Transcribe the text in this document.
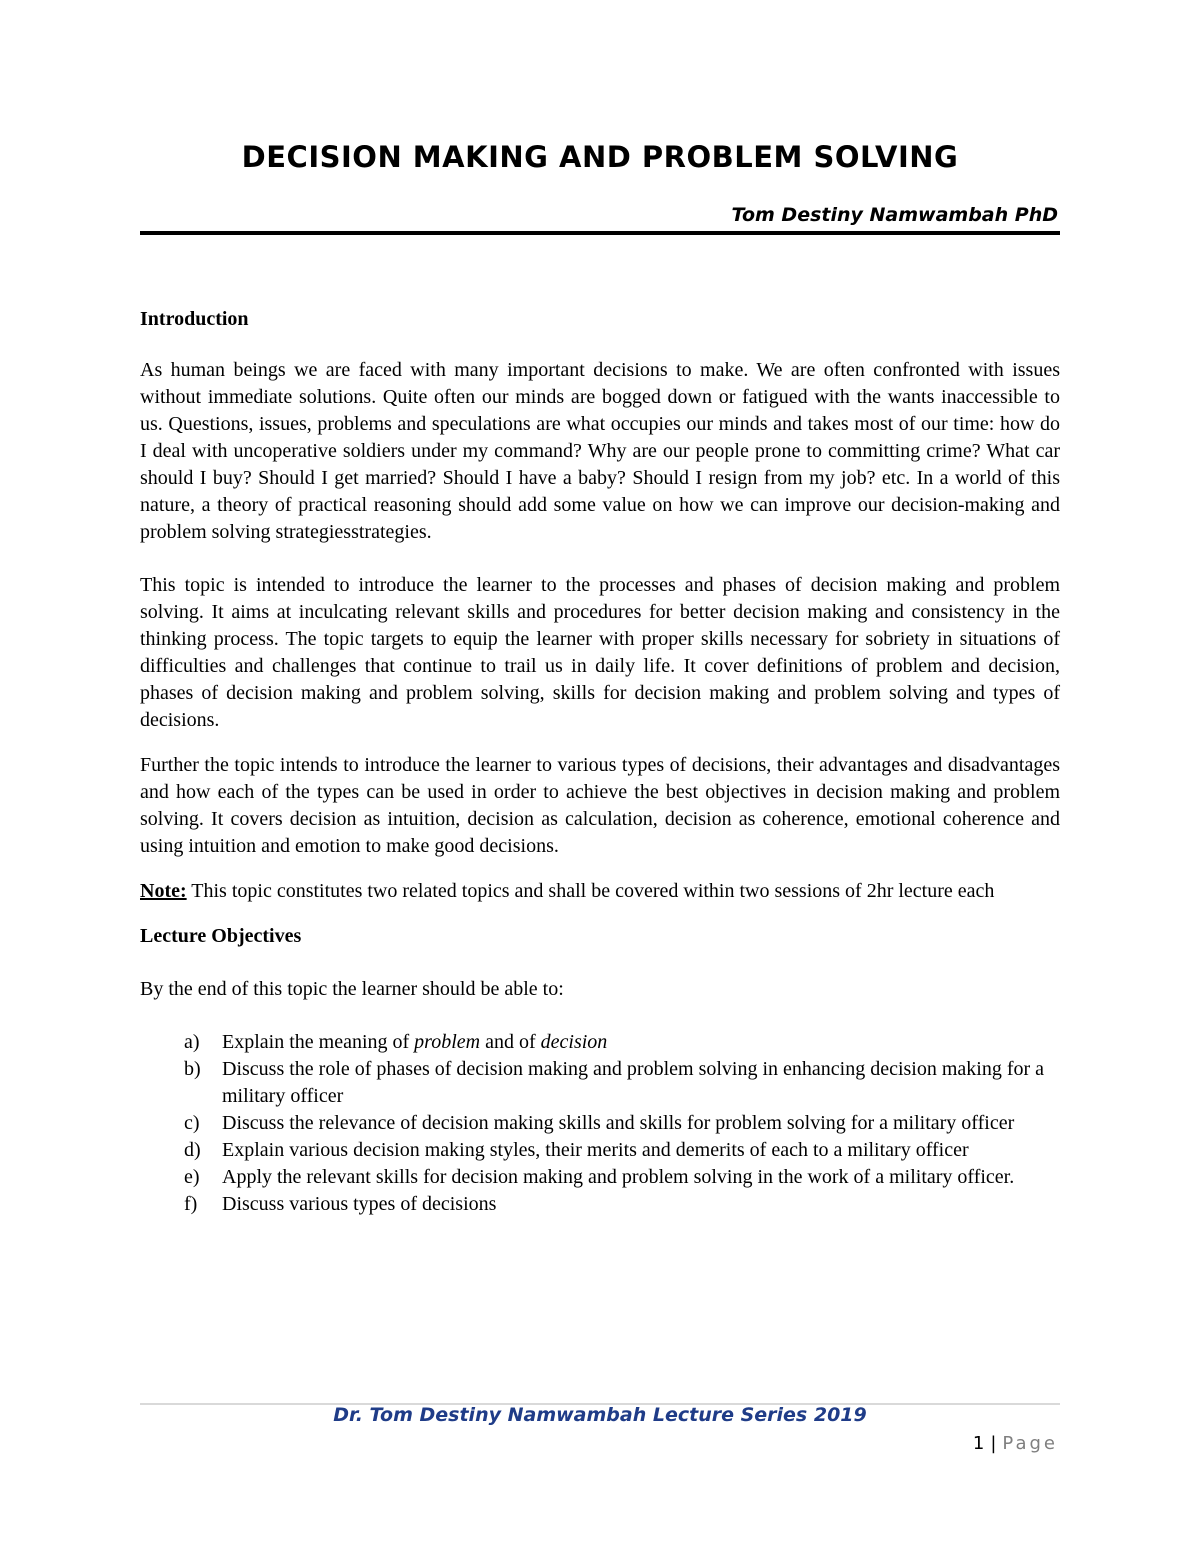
DECISION MAKING AND PROBLEM SOLVING
Tom Destiny Namwambah PhD
Introduction

As human beings we are faced with many important decisions to make. We are often confronted with issues without immediate solutions. Quite often our minds are bogged down or fatigued with the wants inaccessible to us. Questions, issues, problems and speculations are what occupies our minds and takes most of our time: how do I deal with uncoperative soldiers under my command? Why are our people prone to committing crime? What car should I buy? Should I get married? Should I have a baby? Should I resign from my job? etc. In a world of this nature, a theory of practical reasoning should add some value on how we can improve our decision-making and problem solving strategiesstrategies.

This topic is intended to introduce the learner to the processes and phases of decision making and problem solving. It aims at inculcating relevant skills and procedures for better decision making and consistency in the thinking process. The topic targets to equip the learner with proper skills necessary for sobriety in situations of difficulties and challenges that continue to trail us in daily life. It cover definitions of problem and decision, phases of decision making and problem solving, skills for decision making and problem solving and types of decisions.

Further the topic intends to introduce the learner to various types of decisions, their advantages and disadvantages and how each of the types can be used in order to achieve the best objectives in decision making and problem solving. It covers decision as intuition, decision as calculation, decision as coherence, emotional coherence and using intuition and emotion to make good decisions.

Note: This topic constitutes two related topics and shall be covered within two sessions of 2hr lecture each

Lecture Objectives

By the end of this topic the learner should be able to:

a) Explain the meaning of problem and of decision
b) Discuss the role of phases of decision making and problem solving in enhancing decision making for a military officer
c) Discuss the relevance of decision making skills and skills for problem solving for a military officer
d) Explain various decision making styles, their merits and demerits of each to a military officer
e) Apply the relevant skills for decision making and problem solving in the work of a military officer.
f) Discuss various types of decisions
Dr. Tom Destiny Namwambah Lecture Series 2019
1 | Page
